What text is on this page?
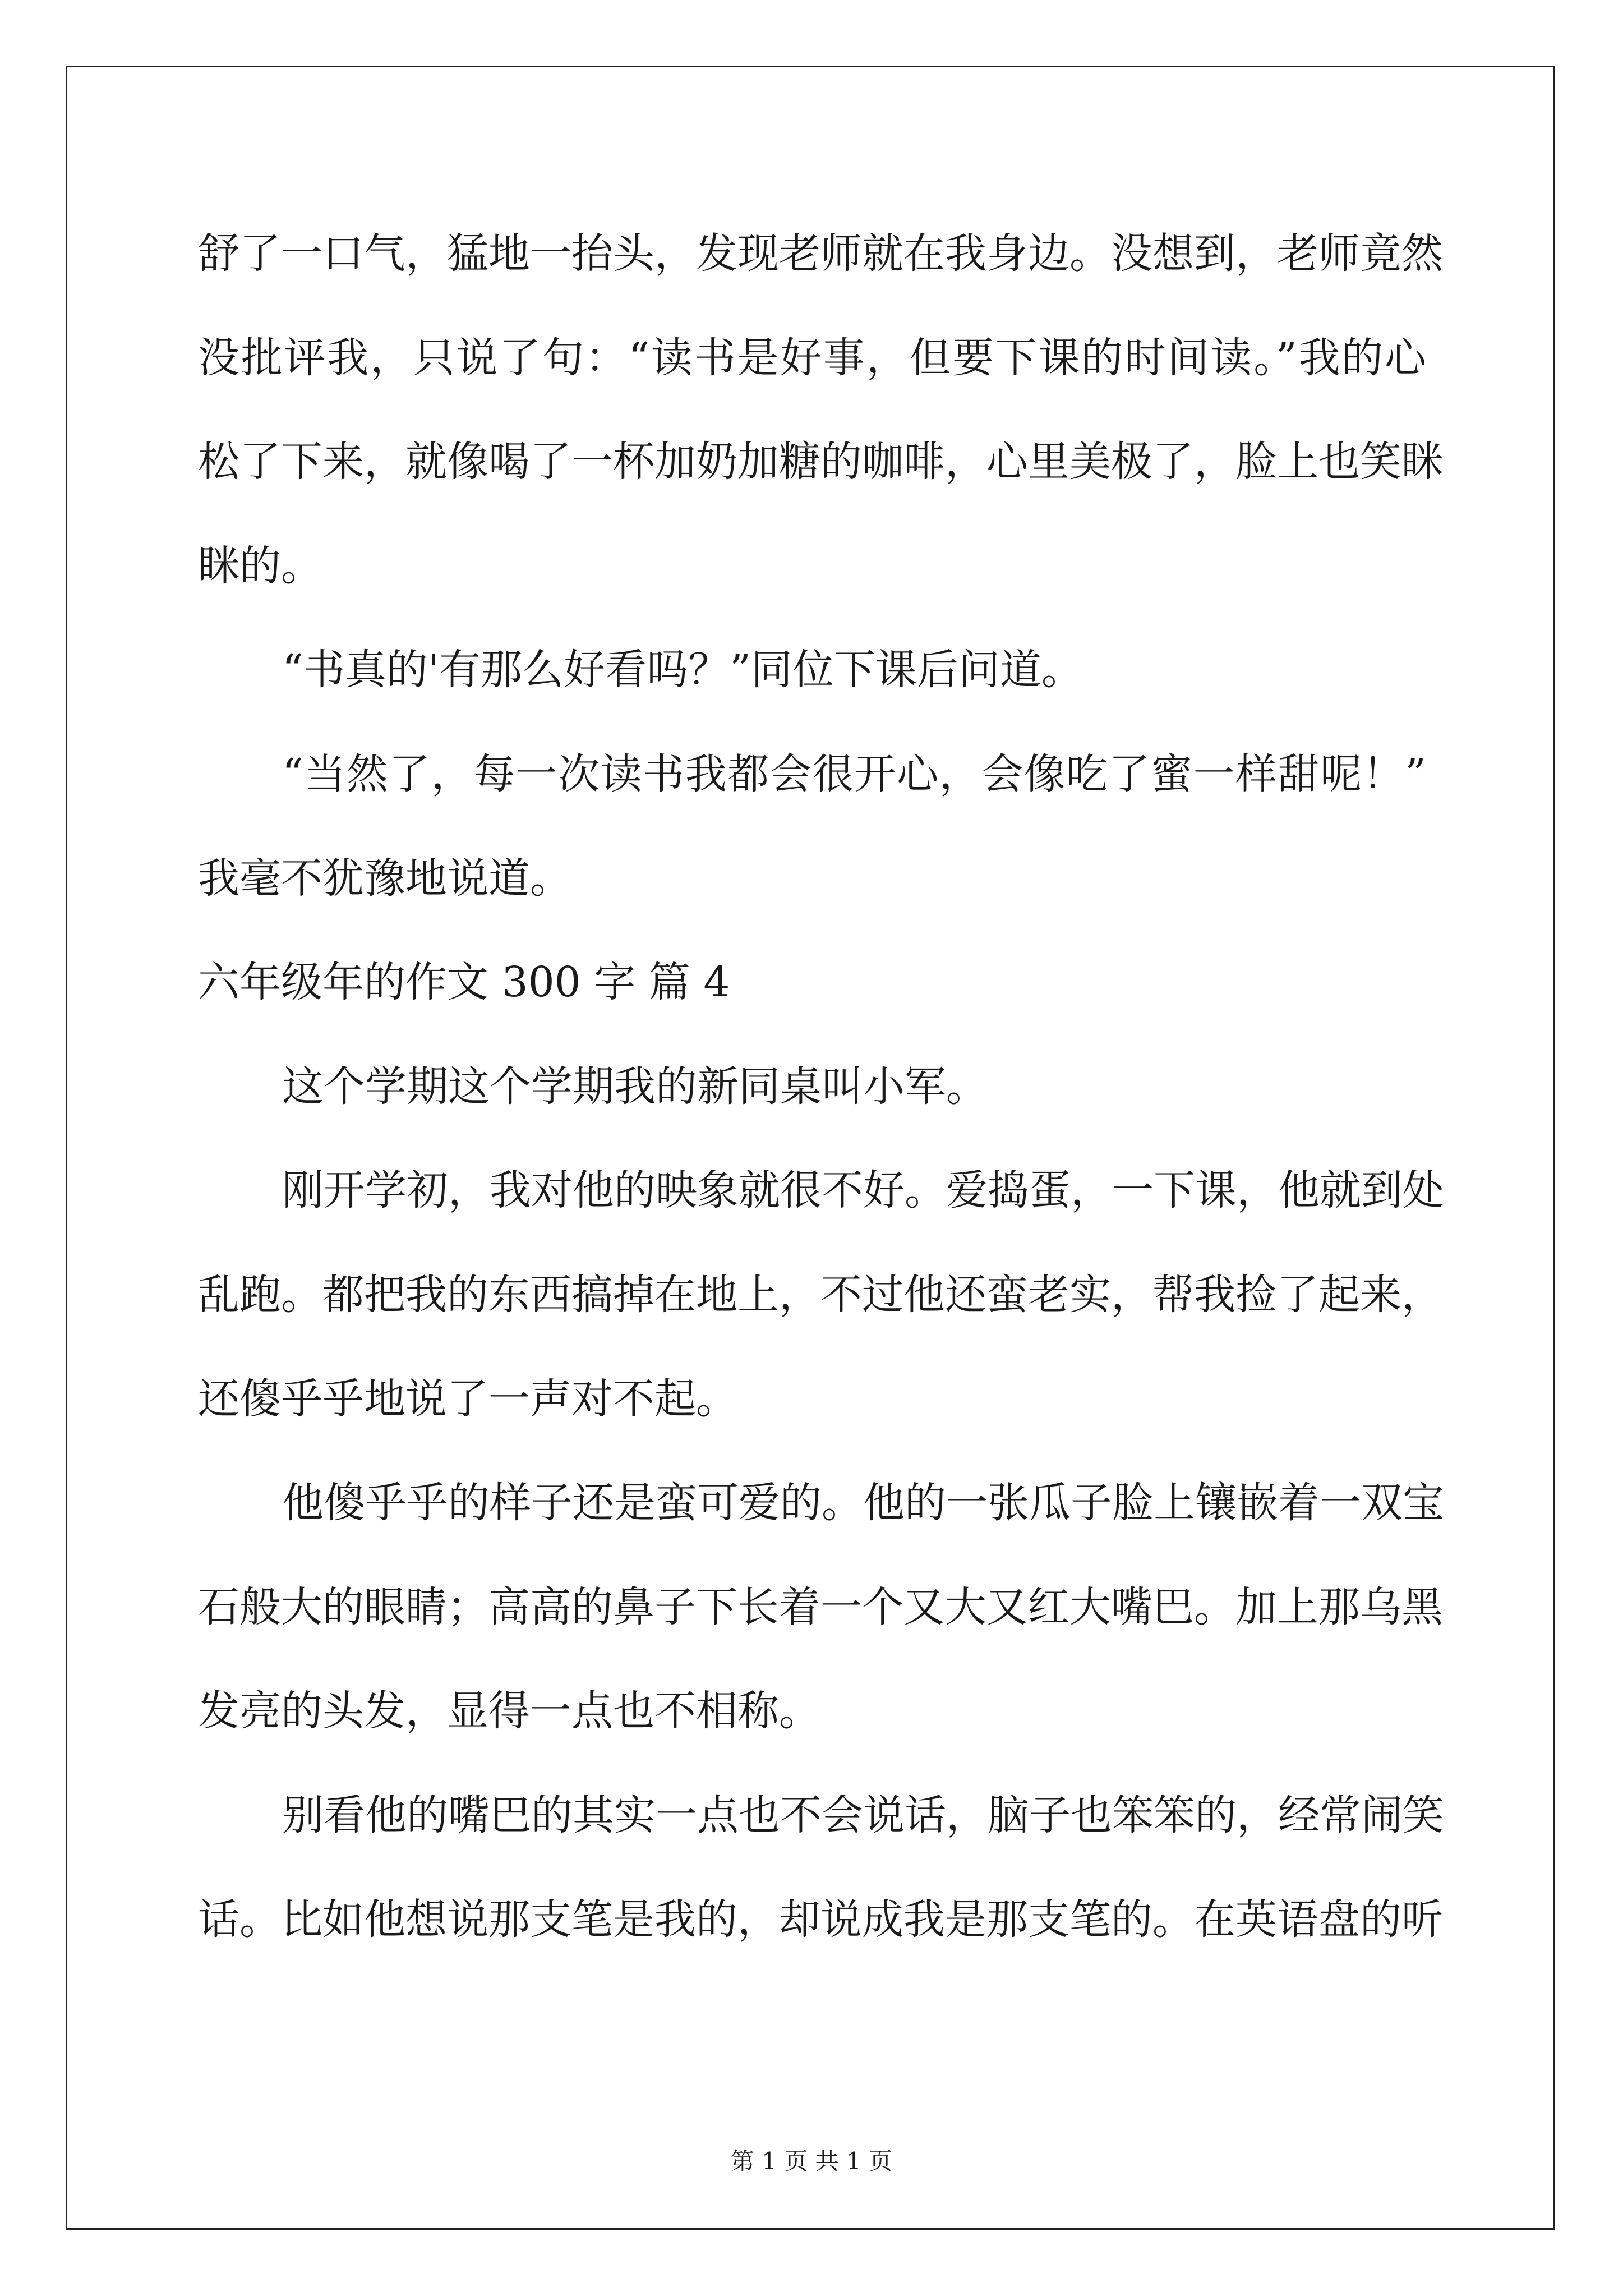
舒了一口气，猛地一抬头，发现老师就在我身边。没想到，老师竟然
没批评我，只说了句：“读书是好事，但要下课的时间读。”我的心
松了下来，就像喝了一杯加奶加糖的咖啡，心里美极了，脸上也笑眯
眯的。
“书真的'有那么好看吗？”同位下课后问道。
“当然了，每一次读书我都会很开心，会像吃了蜜一样甜呢！”
我毫不犹豫地说道。
六年级年的作文 300 字 篇 4
这个学期这个学期我的新同桌叫小军。
刚开学初，我对他的映象就很不好。爱捣蛋，一下课，他就到处
乱跑。都把我的东西搞掉在地上，不过他还蛮老实，帮我捡了起来，
还傻乎乎地说了一声对不起。
他傻乎乎的样子还是蛮可爱的。他的一张瓜子脸上镶嵌着一双宝
石般大的眼睛；高高的鼻子下长着一个又大又红大嘴巴。加上那乌黑
发亮的头发，显得一点也不相称。
别看他的嘴巴的其实一点也不会说话，脑子也笨笨的，经常闹笑
话。比如他想说那支笔是我的，却说成我是那支笔的。在英语盘的听
第 1 页 共 1 页
